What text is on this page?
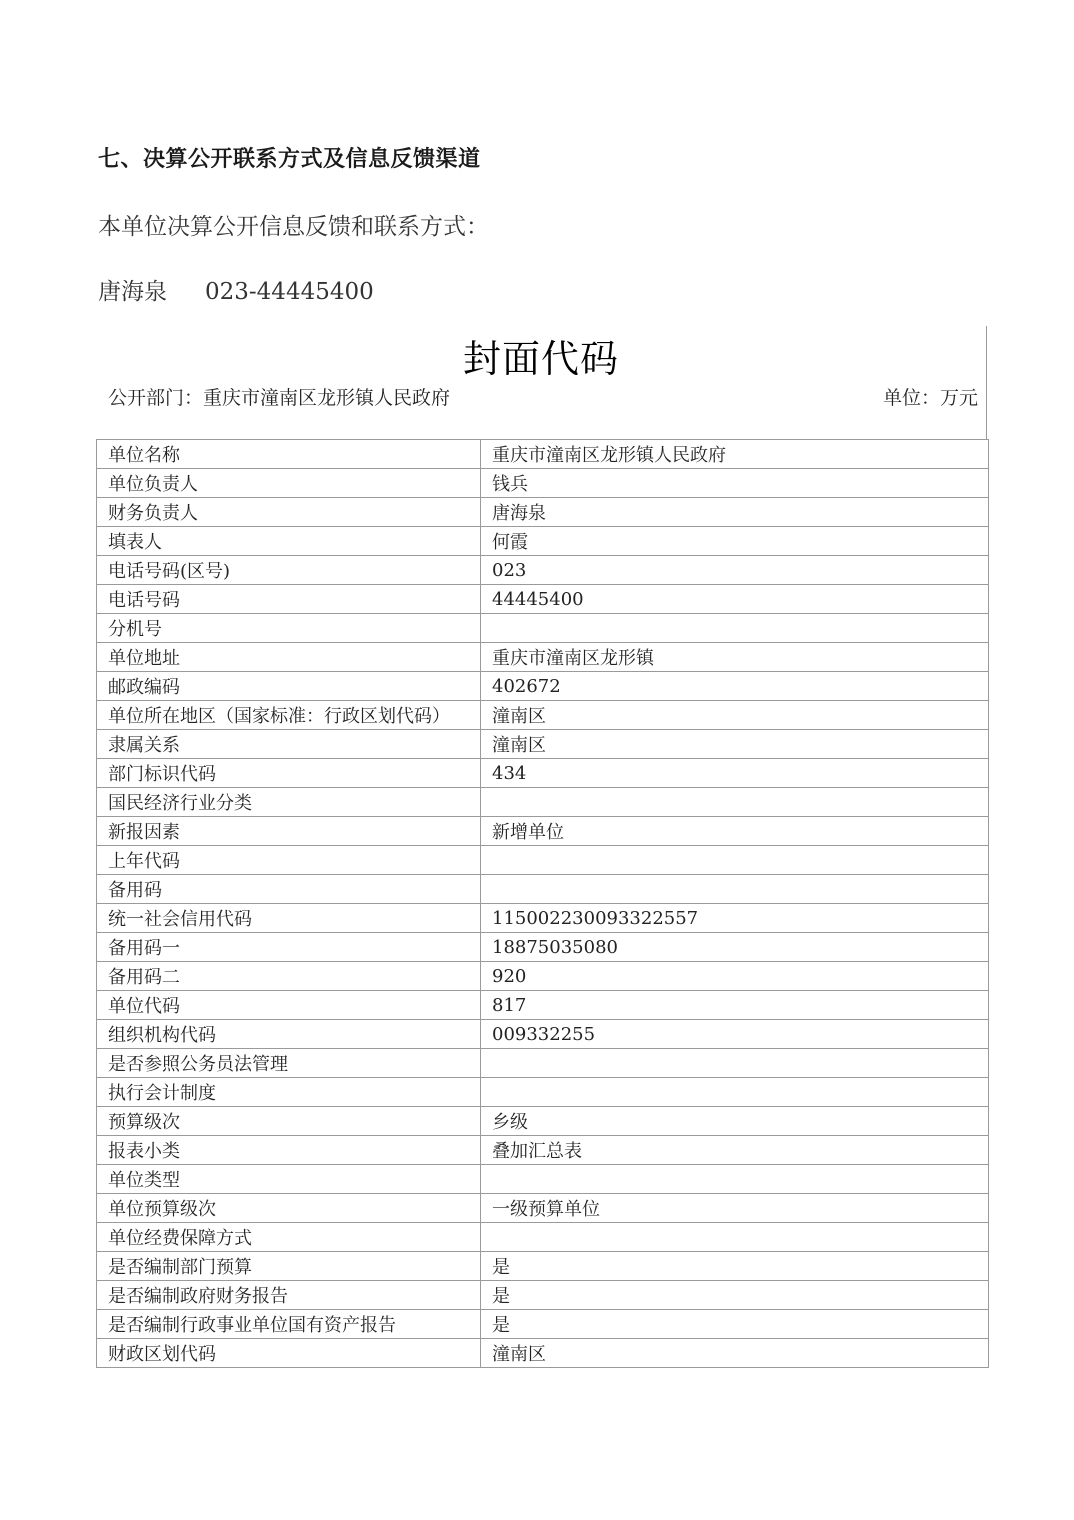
七、决算公开联系方式及信息反馈渠道
本单位决算公开信息反馈和联系方式：
唐海泉 023-44445400
封面代码
公开部门：重庆市潼南区龙形镇人民政府	单位：万元
单位名称	重庆市潼南区龙形镇人民政府
单位负责人	钱兵
财务负责人	唐海泉
填表人	何霞
电话号码(区号)	023
电话号码	44445400
分机号	
单位地址	重庆市潼南区龙形镇
邮政编码	402672
单位所在地区（国家标准：行政区划代码）	潼南区
隶属关系	潼南区
部门标识代码	434
国民经济行业分类	
新报因素	新增单位
上年代码	
备用码	
统一社会信用代码	115002230093322557
备用码一	18875035080
备用码二	920
单位代码	817
组织机构代码	009332255
是否参照公务员法管理	
执行会计制度	
预算级次	乡级
报表小类	叠加汇总表
单位类型	
单位预算级次	一级预算单位
单位经费保障方式	
是否编制部门预算	是
是否编制政府财务报告	是
是否编制行政事业单位国有资产报告	是
财政区划代码	潼南区
